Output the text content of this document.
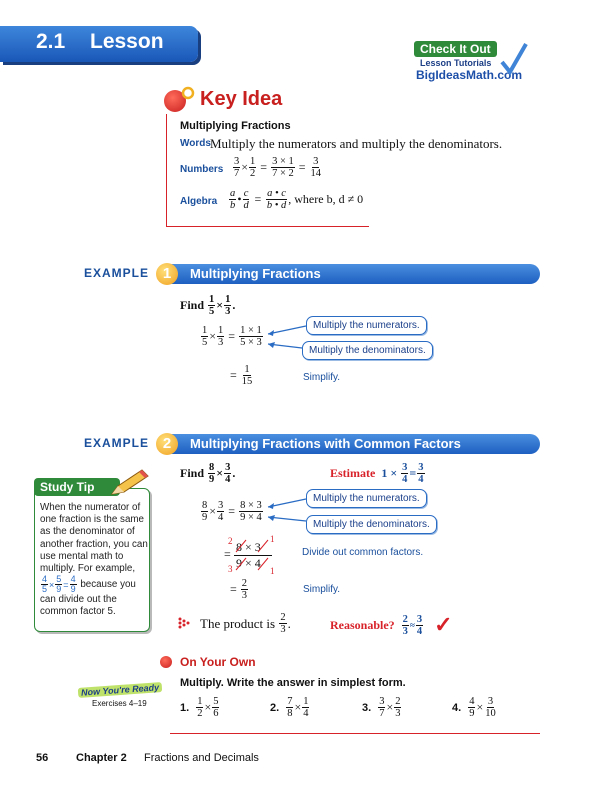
2.1 Lesson	Check It Out
Lesson Tutorials
BigIdeasMath.com
Key Idea
Multiplying Fractions
Words Multiply the numerators and multiply the denominators.
Numbers $\frac{3}{7} \times \frac{1}{2} = \frac{3 \times 1}{7 \times 2} = \frac{3}{14}$
Algebra $\frac{a}{b}$ • $\frac{c}{d} = \frac{a • c}{b • d}$ , where b, d ≠ 0
EXAMPLE	Multiplying Fractions
1
Find
$\frac{1}{5} \times \frac{1}{3}$ .
$\frac{1}{5} \times \frac{1}{3} = \frac{1 \times 1}{5 \times 3}$
= $\frac{1}{15}$
Multiply the numerators.
Multiply the denominators.
Simplify.
EXAMPLE	Multiplying Fractions with Common Factors
2
Find
$\frac{8}{9} \times \frac{3}{4}$ .	Estimate
1 ×
$\frac{3}{4} = \frac{3}{4}$
$\frac{8}{9} \times \frac{3}{4} = \frac{8 \times 3}{9 \times 4}$
Multiply the numerators.
Multiply the denominators.
2 8 × 3
1
9 × 4
3	1
=	Divide out common factors.
= $\frac{2}{3}$	Simplify.
The product is
$\frac{2}{3}$ .	Reasonable?
$\frac{2}{3} \approx \frac{3}{4}$ ✓
Study Tip
When the numerator of one fraction is the same as the denominator of another fraction, you can use mental math to multiply. For example,
$\frac{4}{5} \times \frac{5}{9} = \frac{4}{9}$ because you can divide out the common factor 5.
On Your Own
Now You're Ready
Exercises 4–19
Multiply. Write the answer in simplest form.
1.
$\frac{1}{2} \times \frac{5}{6}$	2.
$\frac{7}{8} \times \frac{1}{4}$	3.
$\frac{3}{7} \times \frac{2}{3}$	4.
$\frac{4}{9} \times \frac{3}{10}$
56	Chapter 2 Fractions and Decimals
